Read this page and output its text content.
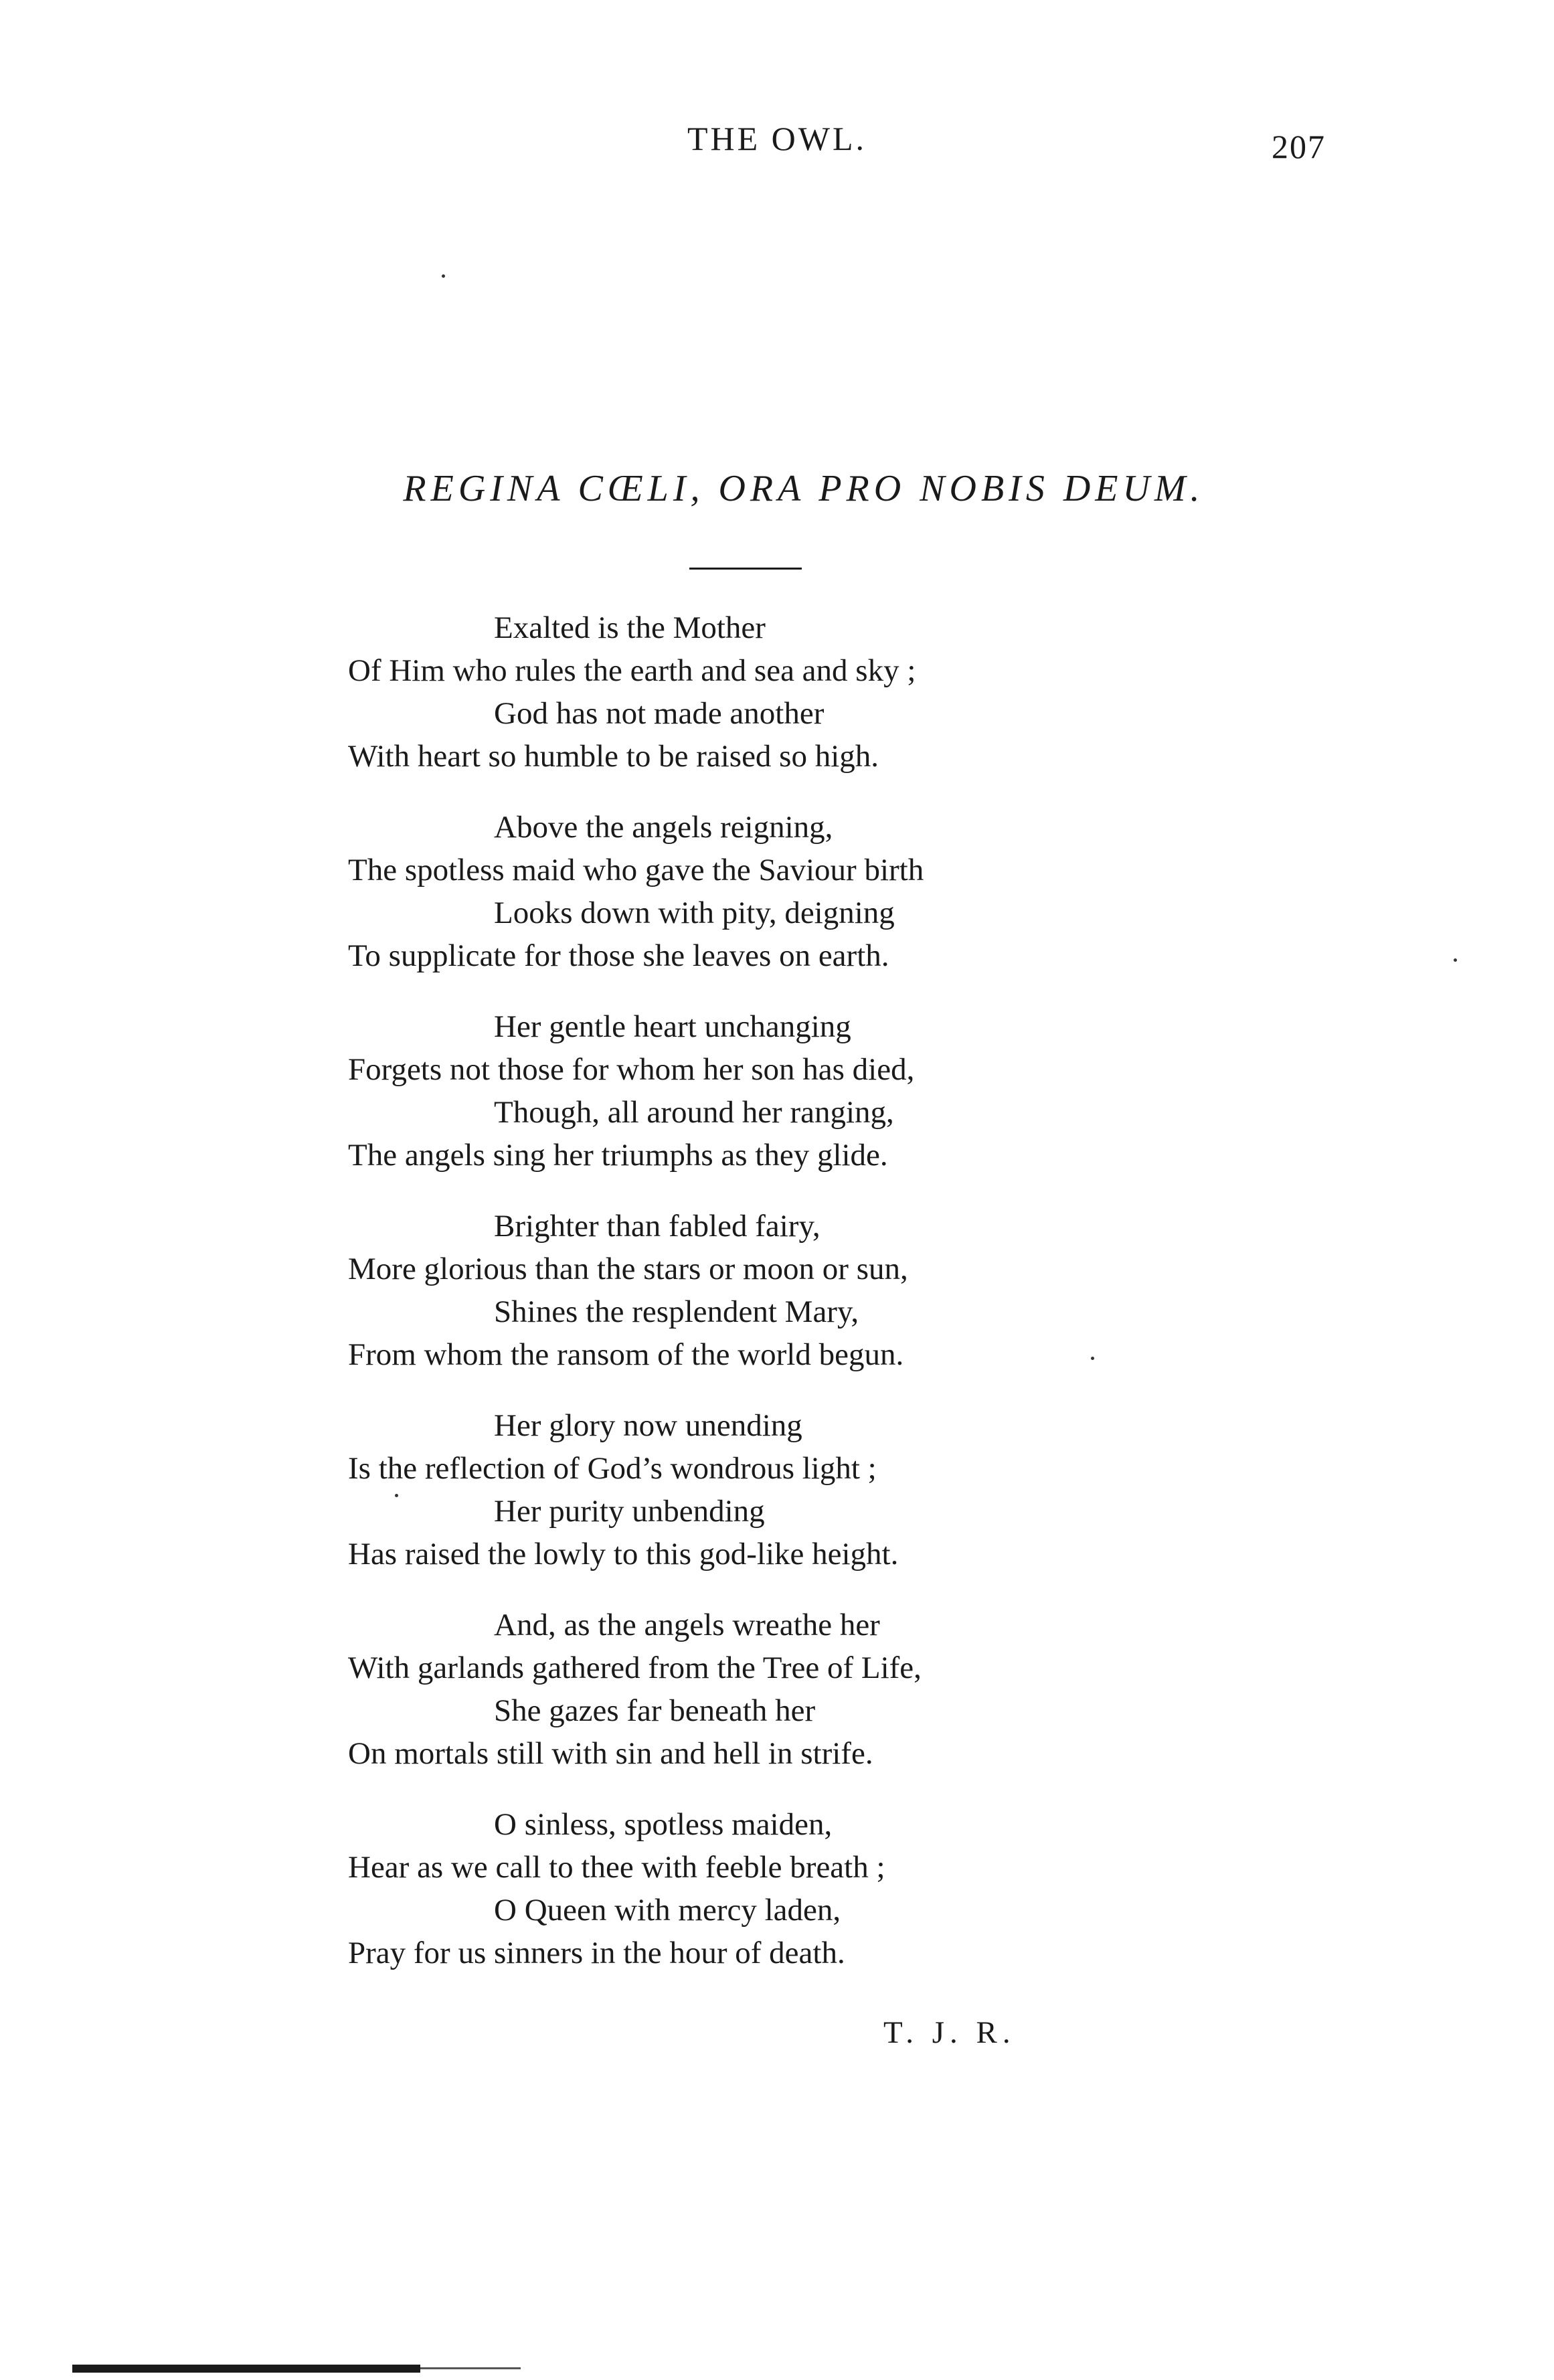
THE OWL.	207
REGINA CŒLI, ORA PRO NOBIS DEUM.
Exalted is the Mother
Of Him who rules the earth and sea and sky ;
God has not made another
With heart so humble to be raised so high.
Above the angels reigning,
The spotless maid who gave the Saviour birth
Looks down with pity, deigning
To supplicate for those she leaves on earth.
Her gentle heart unchanging
Forgets not those for whom her son has died,
Though, all around her ranging,
The angels sing her triumphs as they glide.
Brighter than fabled fairy,
More glorious than the stars or moon or sun,
Shines the resplendent Mary,
From whom the ransom of the world begun.
Her glory now unending
Is the reflection of God’s wondrous light ;
Her purity unbending
Has raised the lowly to this god-like height.
And, as the angels wreathe her
With garlands gathered from the Tree of Life,
She gazes far beneath her
On mortals still with sin and hell in strife.
O sinless, spotless maiden,
Hear as we call to thee with feeble breath ;
O Queen with mercy laden,
Pray for us sinners in the hour of death.
T. J. R.
